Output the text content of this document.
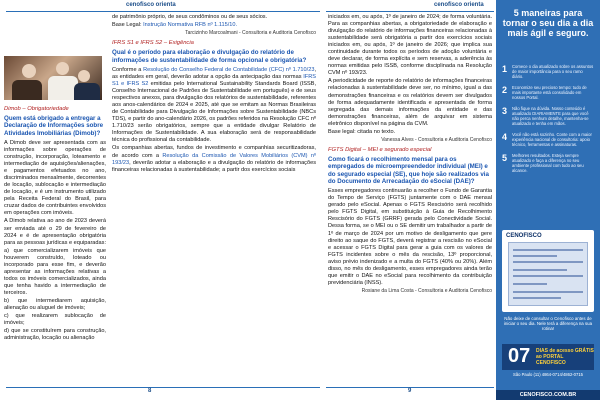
cenofisco orienta
Dimob – Obrigatoriedade
Quem está obrigado a entregar a Declaração de Informações sobre Atividades Imobiliárias (Dimob)?

A Dimob deve ser apresentada com as informações sobre operações de construção, incorporação, loteamento e intermediação de aquisições/alienações, e pagamentos efetuados no ano, discriminados mensalmente, decorrentes de locação, sublocação e intermediação de locação, e é um instrumento utilizado pela Receita Federal do Brasil, para cruzar dados de contribuintes envolvidos em operações com imóveis.

A Dimob relativa ao ano de 2023 deverá ser enviada até o 29 de fevereiro de 2024 e é de apresentação obrigatória para as pessoas jurídicas e equiparadas:

a) que comercializarem imóveis que houverem construído, loteado ou incorporado para esse fim, e deverão apresentar as informações relativas a todos os imóveis comercializados, ainda que tenha havido a intermediação de terceiros.

b) que intermediarem aquisição, alienação ou aluguel de imóveis;

c) que realizarem sublocação de imóveis;

d) que se constituírem para construção, administração, locação ou alienação

de patrimônio próprio, de seus condôminos ou de seus sócios.

Base Legal: Instrução Normativa RFB nº 1.115/10.

Tarcizinho Marcoalmani - Consultoria e Auditoria Cenofisco
IFRS S1 e IFRS S2 – Exigência
Qual é o período para elaboração e divulgação do relatório de informações de sustentabilidade de forma opcional e obrigatória?

Conforme a Resolução do Conselho Federal de Contabilidade (CFC) nº 1.710/23, as entidades em geral, deverão adotar a opção da antecipação das normas IFRS S1 e IFRS S2 emitidas pelo International Sustainability Standards Board (ISSB, Conselho Internacional de Padrões de Sustentabilidade em português) e de seus respectivos anexos, para divulgação dos relatórios de sustentabilidade, referentes aos anos-calendários de 2024 e 2025, até que se emitam as Normas Brasileiras de Contabilidade para Divulgação de Informações sobre Sustentabilidade (NBCs TDS), e partir do ano-calendário 2026, os padrões referidos na Resolução CFC nº 1.710/23 serão obrigatórios, sempre que a entidade divulgar Relatório de Informações de Sustentabilidade. A sua elaboração será de responsabilidade técnica do profissional da contabilidade.

Os companhias abertas, fundos de investimento e companhias securitizadoras, de acordo com a Resolução da Comissão de Valores Mobiliários (CVM) nº 193/23, deverão adotar a elaboração e a divulgação do relatório de informações financeiras relacionadas à sustentabilidade; a partir dos exercícios sociais

8
cenofisco orienta

iniciados em, ou após, 1º de janeiro de 2024; de forma voluntária. Para as companhias abertas, a obrigatoriedade de elaboração e divulgação do relatório de informações financeiras relacionadas à sustentabilidade será obrigatória a partir dos exercícios sociais iniciados em, ou após, 1º de janeiro de 2026; que implica sua continuidade durante todos os períodos de adoção voluntária e deve declarar, de forma explícita e sem reservas, a aderência às normas emitidas pelo ISSB, conforme disciplinada na Resolução CVM nº 193/23.

A periodicidade de reporte do relatório de informações financeiras relacionadas à sustentabilidade deve ser, no mínimo, igual a das demonstrações financeiras e os relatórios devem ser divulgados de forma adequadamente identificada e apresentada de forma segregada das demais informações da entidade e das demonstrações financeiras, além de arquivar em sistema eletrônico disponível na página da CVM.

Base legal: citada no texto.

Vanessa Alves - Consultoria e Auditoria Cenofisco
FGTS Digital – MEI e segurado especial
Como ficará o recolhimento mensal para os empregados de microempreendedor individual (MEI) e do segurado especial (SE), que hoje são realizados via do Documento de Arrecadação do eSocial (DAE)?

Esses empregadores continuarão a recolher o Fundo de Garantia do Tempo de Serviço (FGTS) juntamente com o DAE mensal gerado pelo eSocial. Apenas o FGTS Rescisório será recolhido pelo FGTS Digital, em substituição à Guia de Recolhimento Rescisório do FGTS (GRRF) gerada pelo Conectividade Social. Dessa forma, se o MEI ou o SE demitir um trabalhador a partir de 1º de março de 2024 por um motivo de desligamento que gere direito ao saque do FGTS, deverá registrar a rescisão no eSocial e acessar o FGTS Digital para gerar a guia com os valores de FGTS incidentes sobre o mês da rescisão, 13º proporcional, aviso prévio indenizado e a multa do FGTS (40% ou 20%). Além disso, no mês do desligamento, esses empregadores ainda terão que emitir o DAE no eSocial para recolhimento da contribuição previdenciária (INSS).

Rosiane da Lima Costa - Consultoria e Auditoria Cenofisco
9
5 maneiras para tornar o seu dia a dia mais ágil e seguro.
1 Comece o dia atualizado sobre os assuntos de maior importância para o seu ramo diário.
2 Economize seu precioso tempo: tudo de mais importante está consolidado em nossos Portal.
3 Não fique na dúvida. Nosso conteúdo é atualizado DIARIAMENTE para que você não perca nenhum detalhe, mantenha-se atualizado e tenha em mãos.
4 Você não está sozinho. Conte com a maior experiência nacional de consultoria: apoio técnico, ferramentas e assinaturas.
5 Melhores resultados. Esteja sempre atualizado e faça a diferença no seu ambiente profissional com tudo ao seu alcance.
CENOFISCO
Não deixe de consultar o Cenofisco antes de iniciar o seu dia. Nele terá a diferença na sua rotina!
07 DIAS de acesso GRÁTIS ao PORTAL CENOFISCO
São Paulo (11) 4864-0714/4862-0715
CENOFISCO.COM.BR
